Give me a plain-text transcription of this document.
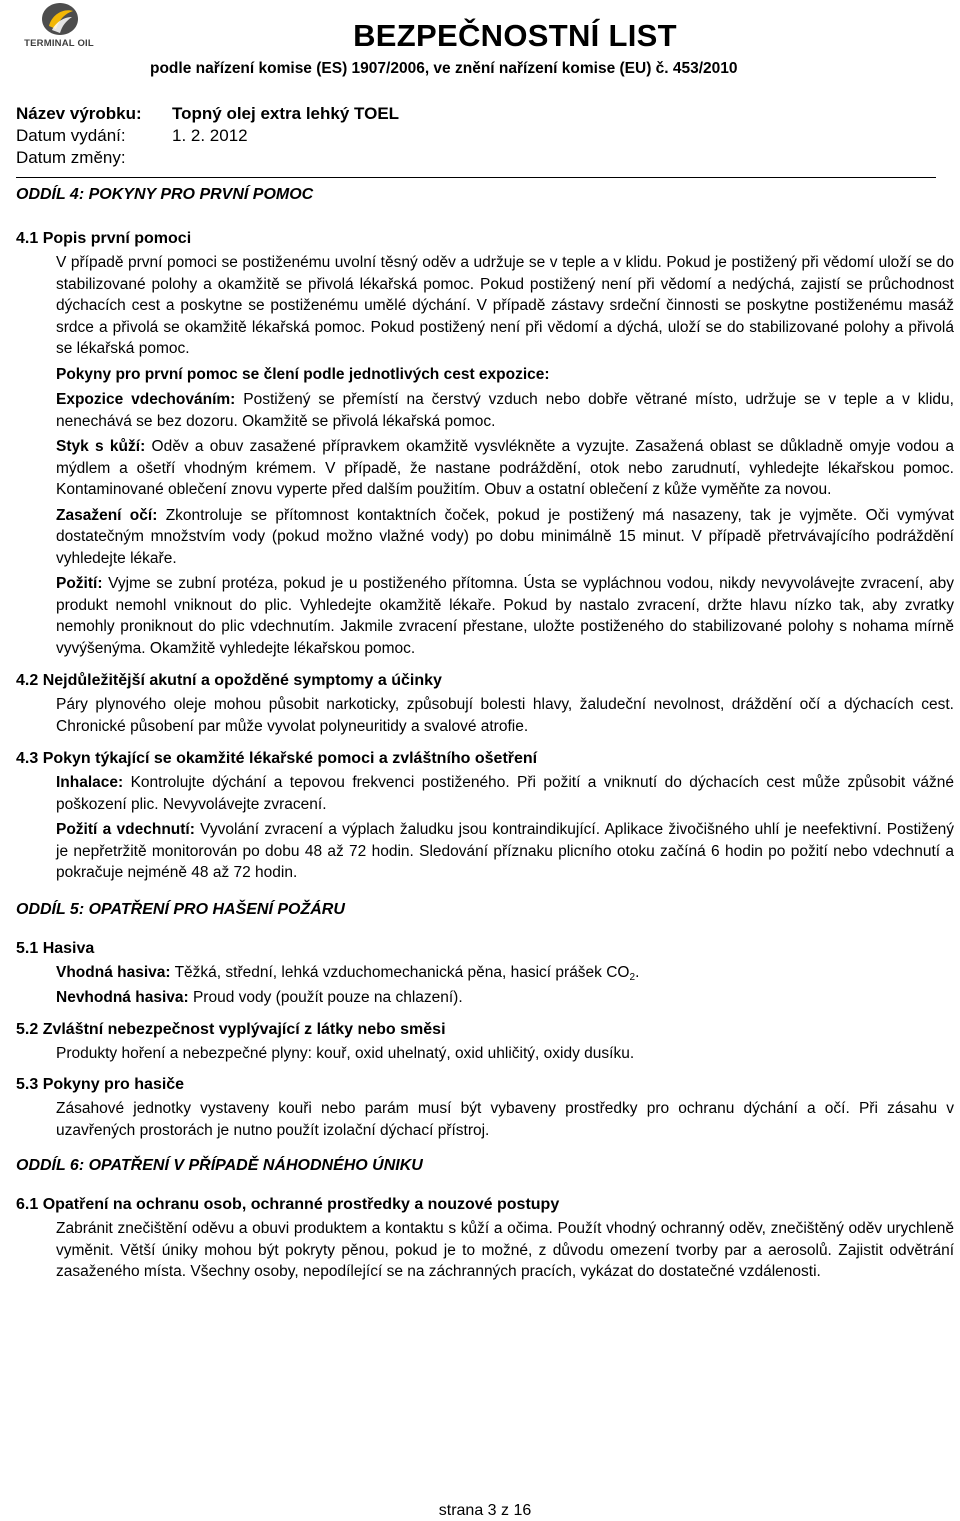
TERMINAL OIL	BEZPEČNOSTNÍ LIST
podle nařízení komise (ES) 1907/2006, ve znění nařízení komise (EU) č. 453/2010
Název výrobku: Topný olej extra lehký TOEL
Datum vydání:	1. 2. 2012
Datum změny:

ODDÍL 4: POKYNY PRO PRVNÍ POMOC

4.1 Popis první pomoci

V případě první pomoci se postiženému uvolní těsný oděv a udržuje se v teple a v klidu. Pokud je postižený při vědomí uloží se do stabilizované polohy a okamžitě se přivolá lékařská pomoc. Pokud postižený není při vědomí a nedýchá, zajistí se průchodnost dýchacích cest a poskytne se postiženému umělé dýchání. V případě zástavy srdeční činnosti se poskytne postiženému masáž srdce a přivolá se okamžitě lékařská pomoc. Pokud postižený není při vědomí a dýchá, uloží se do stabilizované polohy a přivolá se lékařská pomoc.

Pokyny pro první pomoc se člení podle jednotlivých cest expozice:

Expozice vdechováním: Postižený se přemístí na čerstvý vzduch nebo dobře větrané místo, udržuje se v teple a v klidu, nenechává se bez dozoru. Okamžitě se přivolá lékařská pomoc.

Styk s kůží: Oděv a obuv zasažené přípravkem okamžitě vysvlékněte a vyzujte. Zasažená oblast se důkladně omyje vodou a mýdlem a ošetří vhodným krémem. V případě, že nastane podráždění, otok nebo zarudnutí, vyhledejte lékařskou pomoc. Kontaminované oblečení znovu vyperte před dalším použitím. Obuv a ostatní oblečení z kůže vyměňte za novou.

Zasažení očí: Zkontroluje se přítomnost kontaktních čoček, pokud je postižený má nasazeny, tak je vyjměte. Oči vymývat dostatečným množstvím vody (pokud možno vlažné vody) po dobu minimálně 15 minut. V případě přetrvávajícího podráždění vyhledejte lékaře.

Požití: Vyjme se zubní protéza, pokud je u postiženého přítomna. Ústa se vypláchnou vodou, nikdy nevyvolávejte zvracení, aby produkt nemohl vniknout do plic. Vyhledejte okamžitě lékaře. Pokud by nastalo zvracení, držte hlavu nízko tak, aby zvratky nemohly proniknout do plic vdechnutím. Jakmile zvracení přestane, uložte postiženého do stabilizované polohy s nohama mírně vyvýšenýma. Okamžitě vyhledejte lékařskou pomoc.

4.2 Nejdůležitější akutní a opožděné symptomy a účinky

Páry plynového oleje mohou působit narkoticky, způsobují bolesti hlavy, žaludeční nevolnost, dráždění očí a dýchacích cest. Chronické působení par může vyvolat polyneuritidy a svalové atrofie.

4.3 Pokyn týkající se okamžité lékařské pomoci a zvláštního ošetření

Inhalace: Kontrolujte dýchání a tepovou frekvenci postiženého. Při požití a vniknutí do dýchacích cest může způsobit vážné poškození plic. Nevyvolávejte zvracení.

Požití a vdechnutí: Vyvolání zvracení a výplach žaludku jsou kontraindikující. Aplikace živočišného uhlí je neefektivní. Postižený je nepřetržitě monitorován po dobu 48 až 72 hodin. Sledování příznaku plicního otoku začíná 6 hodin po požití nebo vdechnutí a pokračuje nejméně 48 až 72 hodin.

ODDÍL 5: OPATŘENÍ PRO HAŠENÍ POŽÁRU

5.1 Hasiva

Vhodná hasiva: Těžká, střední, lehká vzduchomechanická pěna, hasicí prášek $CO_2$.

Nevhodná hasiva: Proud vody (použít pouze na chlazení).

5.2 Zvláštní nebezpečnost vyplývající z látky nebo směsi

Produkty hoření a nebezpečné plyny: kouř, oxid uhelnatý, oxid uhličitý, oxidy dusíku.

5.3 Pokyny pro hasiče

Zásahové jednotky vystaveny kouři nebo parám musí být vybaveny prostředky pro ochranu dýchání a očí. Při zásahu v uzavřených prostorách je nutno použít izolační dýchací přístroj.

ODDÍL 6: OPATŘENÍ V PŘÍPADĚ NÁHODNÉHO ÚNIKU

6.1 Opatření na ochranu osob, ochranné prostředky a nouzové postupy

Zabránit znečištění oděvu a obuvi produktem a kontaktu s kůží a očima. Použít vhodný ochranný oděv, znečištěný oděv urychleně vyměnit. Větší úniky mohou být pokryty pěnou, pokud je to možné, z důvodu omezení tvorby par a aerosolů. Zajistit odvětrání zasaženého místa. Všechny osoby, nepodílející se na záchranných pracích, vykázat do dostatečné vzdálenosti.

strana 3 z 16
